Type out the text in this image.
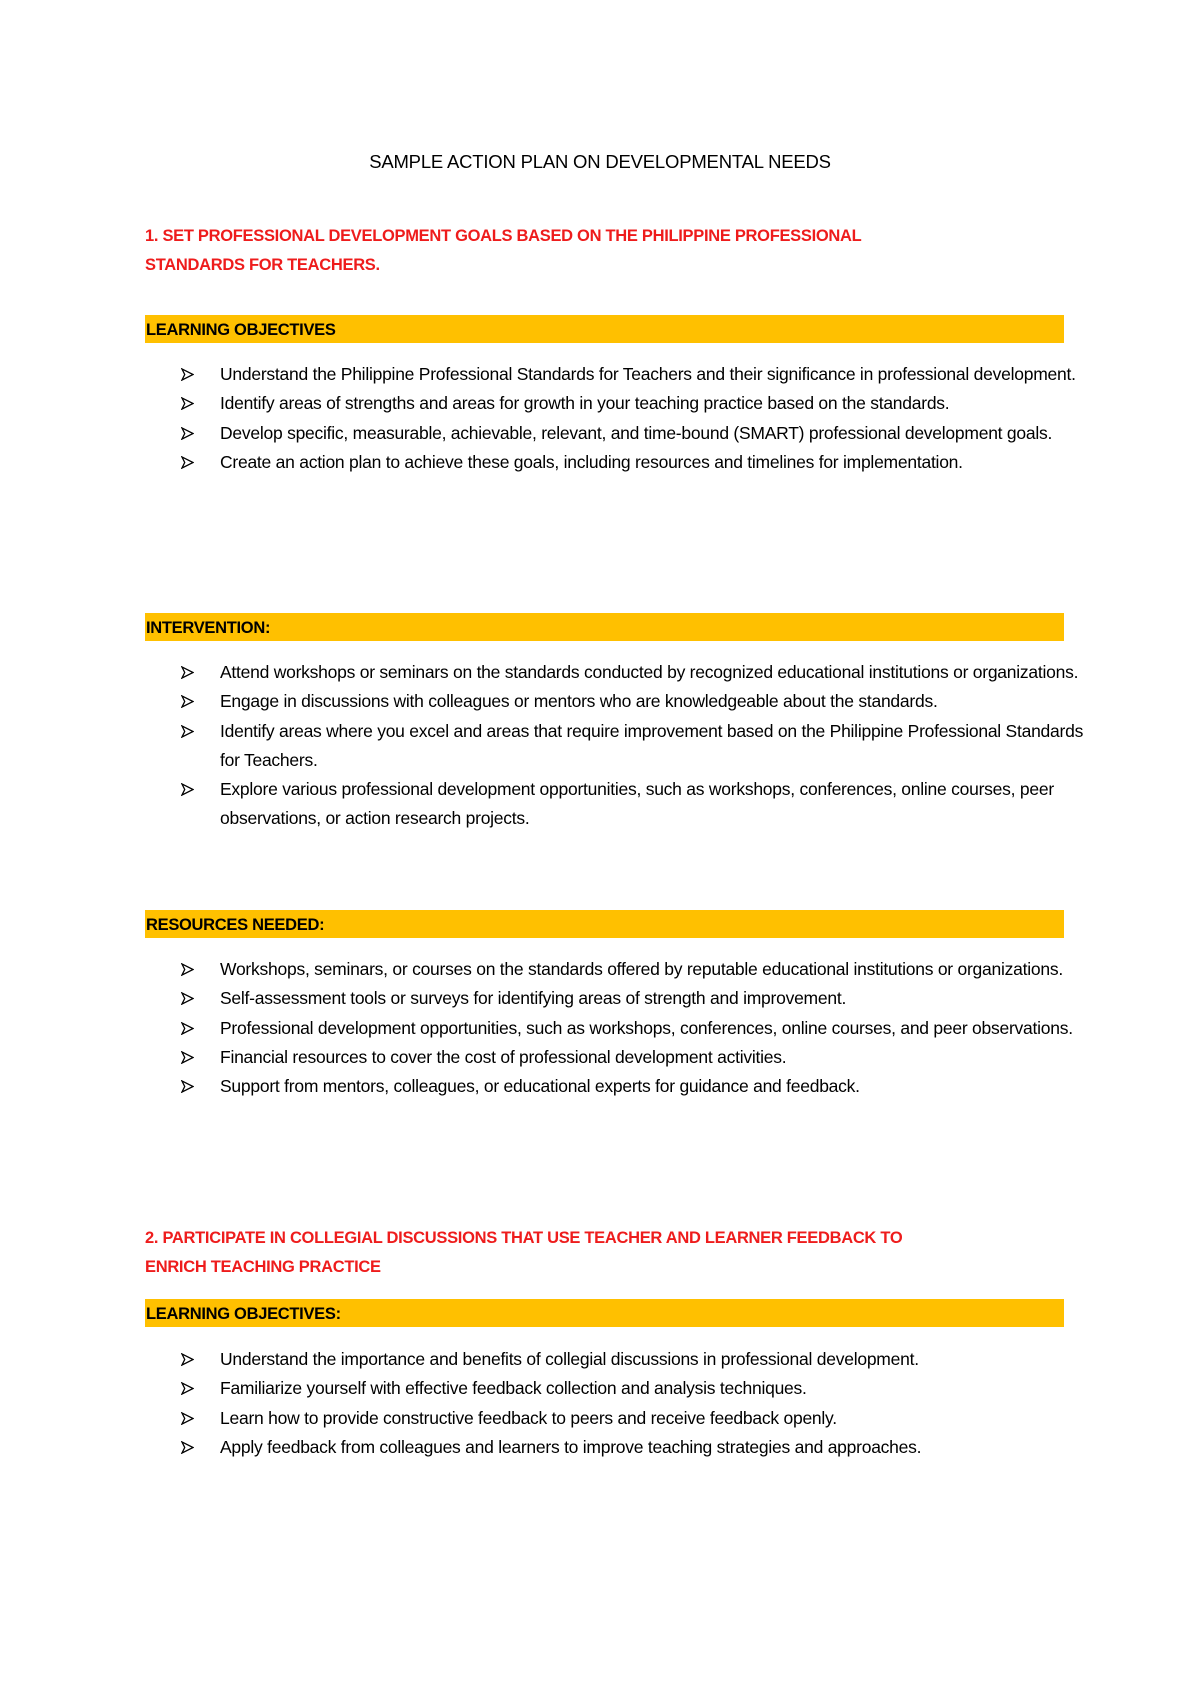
SAMPLE ACTION PLAN ON DEVELOPMENTAL NEEDS
1. SET PROFESSIONAL DEVELOPMENT GOALS BASED ON THE PHILIPPINE PROFESSIONAL
STANDARDS FOR TEACHERS.
LEARNING OBJECTIVES
Understand the Philippine Professional Standards for Teachers and their significance in professional development.
Identify areas of strengths and areas for growth in your teaching practice based on the standards.
Develop specific, measurable, achievable, relevant, and time-bound (SMART) professional development goals.
Create an action plan to achieve these goals, including resources and timelines for implementation.
INTERVENTION:
Attend workshops or seminars on the standards conducted by recognized educational institutions or organizations.
Engage in discussions with colleagues or mentors who are knowledgeable about the standards.
Identify areas where you excel and areas that require improvement based on the Philippine Professional Standards for Teachers.
Explore various professional development opportunities, such as workshops, conferences, online courses, peer observations, or action research projects.
RESOURCES NEEDED:
Workshops, seminars, or courses on the standards offered by reputable educational institutions or organizations.
Self-assessment tools or surveys for identifying areas of strength and improvement.
Professional development opportunities, such as workshops, conferences, online courses, and peer observations.
Financial resources to cover the cost of professional development activities.
Support from mentors, colleagues, or educational experts for guidance and feedback.
2. PARTICIPATE IN COLLEGIAL DISCUSSIONS THAT USE TEACHER AND LEARNER FEEDBACK TO
ENRICH TEACHING PRACTICE
LEARNING OBJECTIVES:
Understand the importance and benefits of collegial discussions in professional development.
Familiarize yourself with effective feedback collection and analysis techniques.
Learn how to provide constructive feedback to peers and receive feedback openly.
Apply feedback from colleagues and learners to improve teaching strategies and approaches.
